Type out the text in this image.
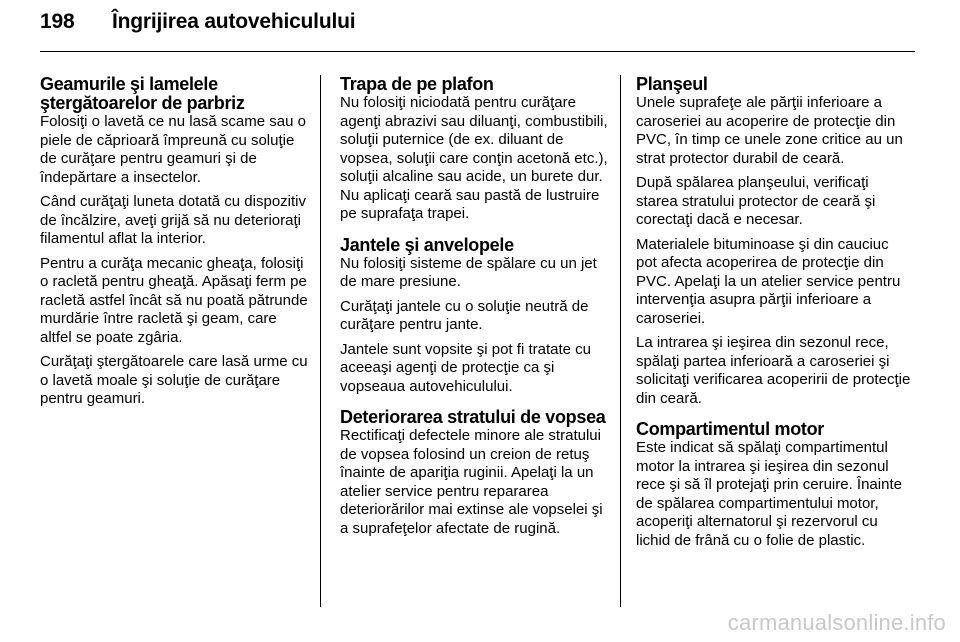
198 Îngrijirea autovehiculului
Geamurile şi lamelele ştergătoarelor de parbriz

Folosiţi o lavetă ce nu lasă scame sau o piele de căprioară împreună cu soluţie de curăţare pentru geamuri şi de îndepărtare a insectelor.

Când curăţaţi luneta dotată cu dispozitiv de încălzire, aveţi grijă să nu deterioraţi filamentul aflat la interior.

Pentru a curăţa mecanic gheaţa, folosiţi o racletă pentru gheaţă. Apăsaţi ferm pe racletă astfel încât să nu poată pătrunde murdărie între racletă şi geam, care altfel se poate zgâria.

Curăţaţi ştergătoarele care lasă urme cu o lavetă moale şi soluţie de curăţare pentru geamuri.

Trapa de pe plafon

Nu folosiţi niciodată pentru curăţare agenţi abrazivi sau diluanţi, combustibili, soluţii puternice (de ex. diluant de vopsea, soluţii care conţin acetonă etc.), soluţii alcaline sau acide, un burete dur. Nu aplicaţi ceară sau pastă de lustruire pe suprafaţa trapei.

Jantele şi anvelopele

Nu folosiţi sisteme de spălare cu un jet de mare presiune.

Curăţaţi jantele cu o soluţie neutră de curăţare pentru jante.

Jantele sunt vopsite şi pot fi tratate cu aceeaşi agenţi de protecţie ca şi vopseaua autovehiculului.

Deteriorarea stratului de vopsea

Rectificaţi defectele minore ale stratului de vopsea folosind un creion de retuş înainte de apariţia ruginii. Apelaţi la un atelier service pentru repararea deteriorărilor mai extinse ale vopselei şi a suprafeţelor afectate de rugină.

Planşeul

Unele suprafeţe ale părţii inferioare a caroseriei au acoperire de protecţie din PVC, în timp ce unele zone critice au un strat protector durabil de ceară.

După spălarea planşeului, verificaţi starea stratului protector de ceară şi corectaţi dacă e necesar.

Materialele bituminoase şi din cauciuc pot afecta acoperirea de protecţie din PVC. Apelaţi la un atelier service pentru intervenţia asupra părţii inferioare a caroseriei.

La intrarea şi ieşirea din sezonul rece, spălaţi partea inferioară a caroseriei şi solicitaţi verificarea acoperirii de protecţie din ceară.

Compartimentul motor

Este indicat să spălaţi compartimentul motor la intrarea şi ieşirea din sezonul rece şi să îl protejaţi prin ceruire. Înainte de spălarea compartimentului motor, acoperiţi alternatorul şi rezervorul cu lichid de frână cu o folie de plastic.

carmanualsonline.info
